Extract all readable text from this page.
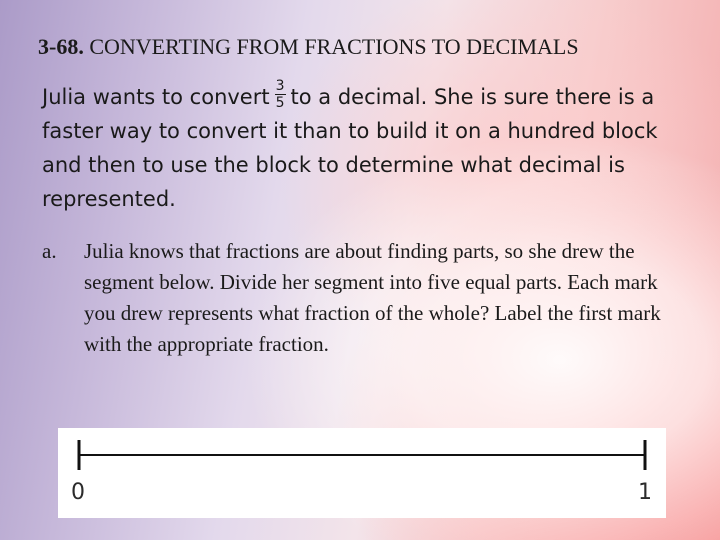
3-68. CONVERTING FROM FRACTIONS TO DECIMALS
Julia wants to convert $\frac{3}{5}$ to a decimal. She is sure there is a faster way to convert it than to build it on a hundred block and then to use the block to determine what decimal is represented.
a.	Julia knows that fractions are about finding parts, so she drew the segment below. Divide her segment into five equal parts. Each mark you drew represents what fraction of the whole? Label the first mark with the appropriate fraction.
0	1
